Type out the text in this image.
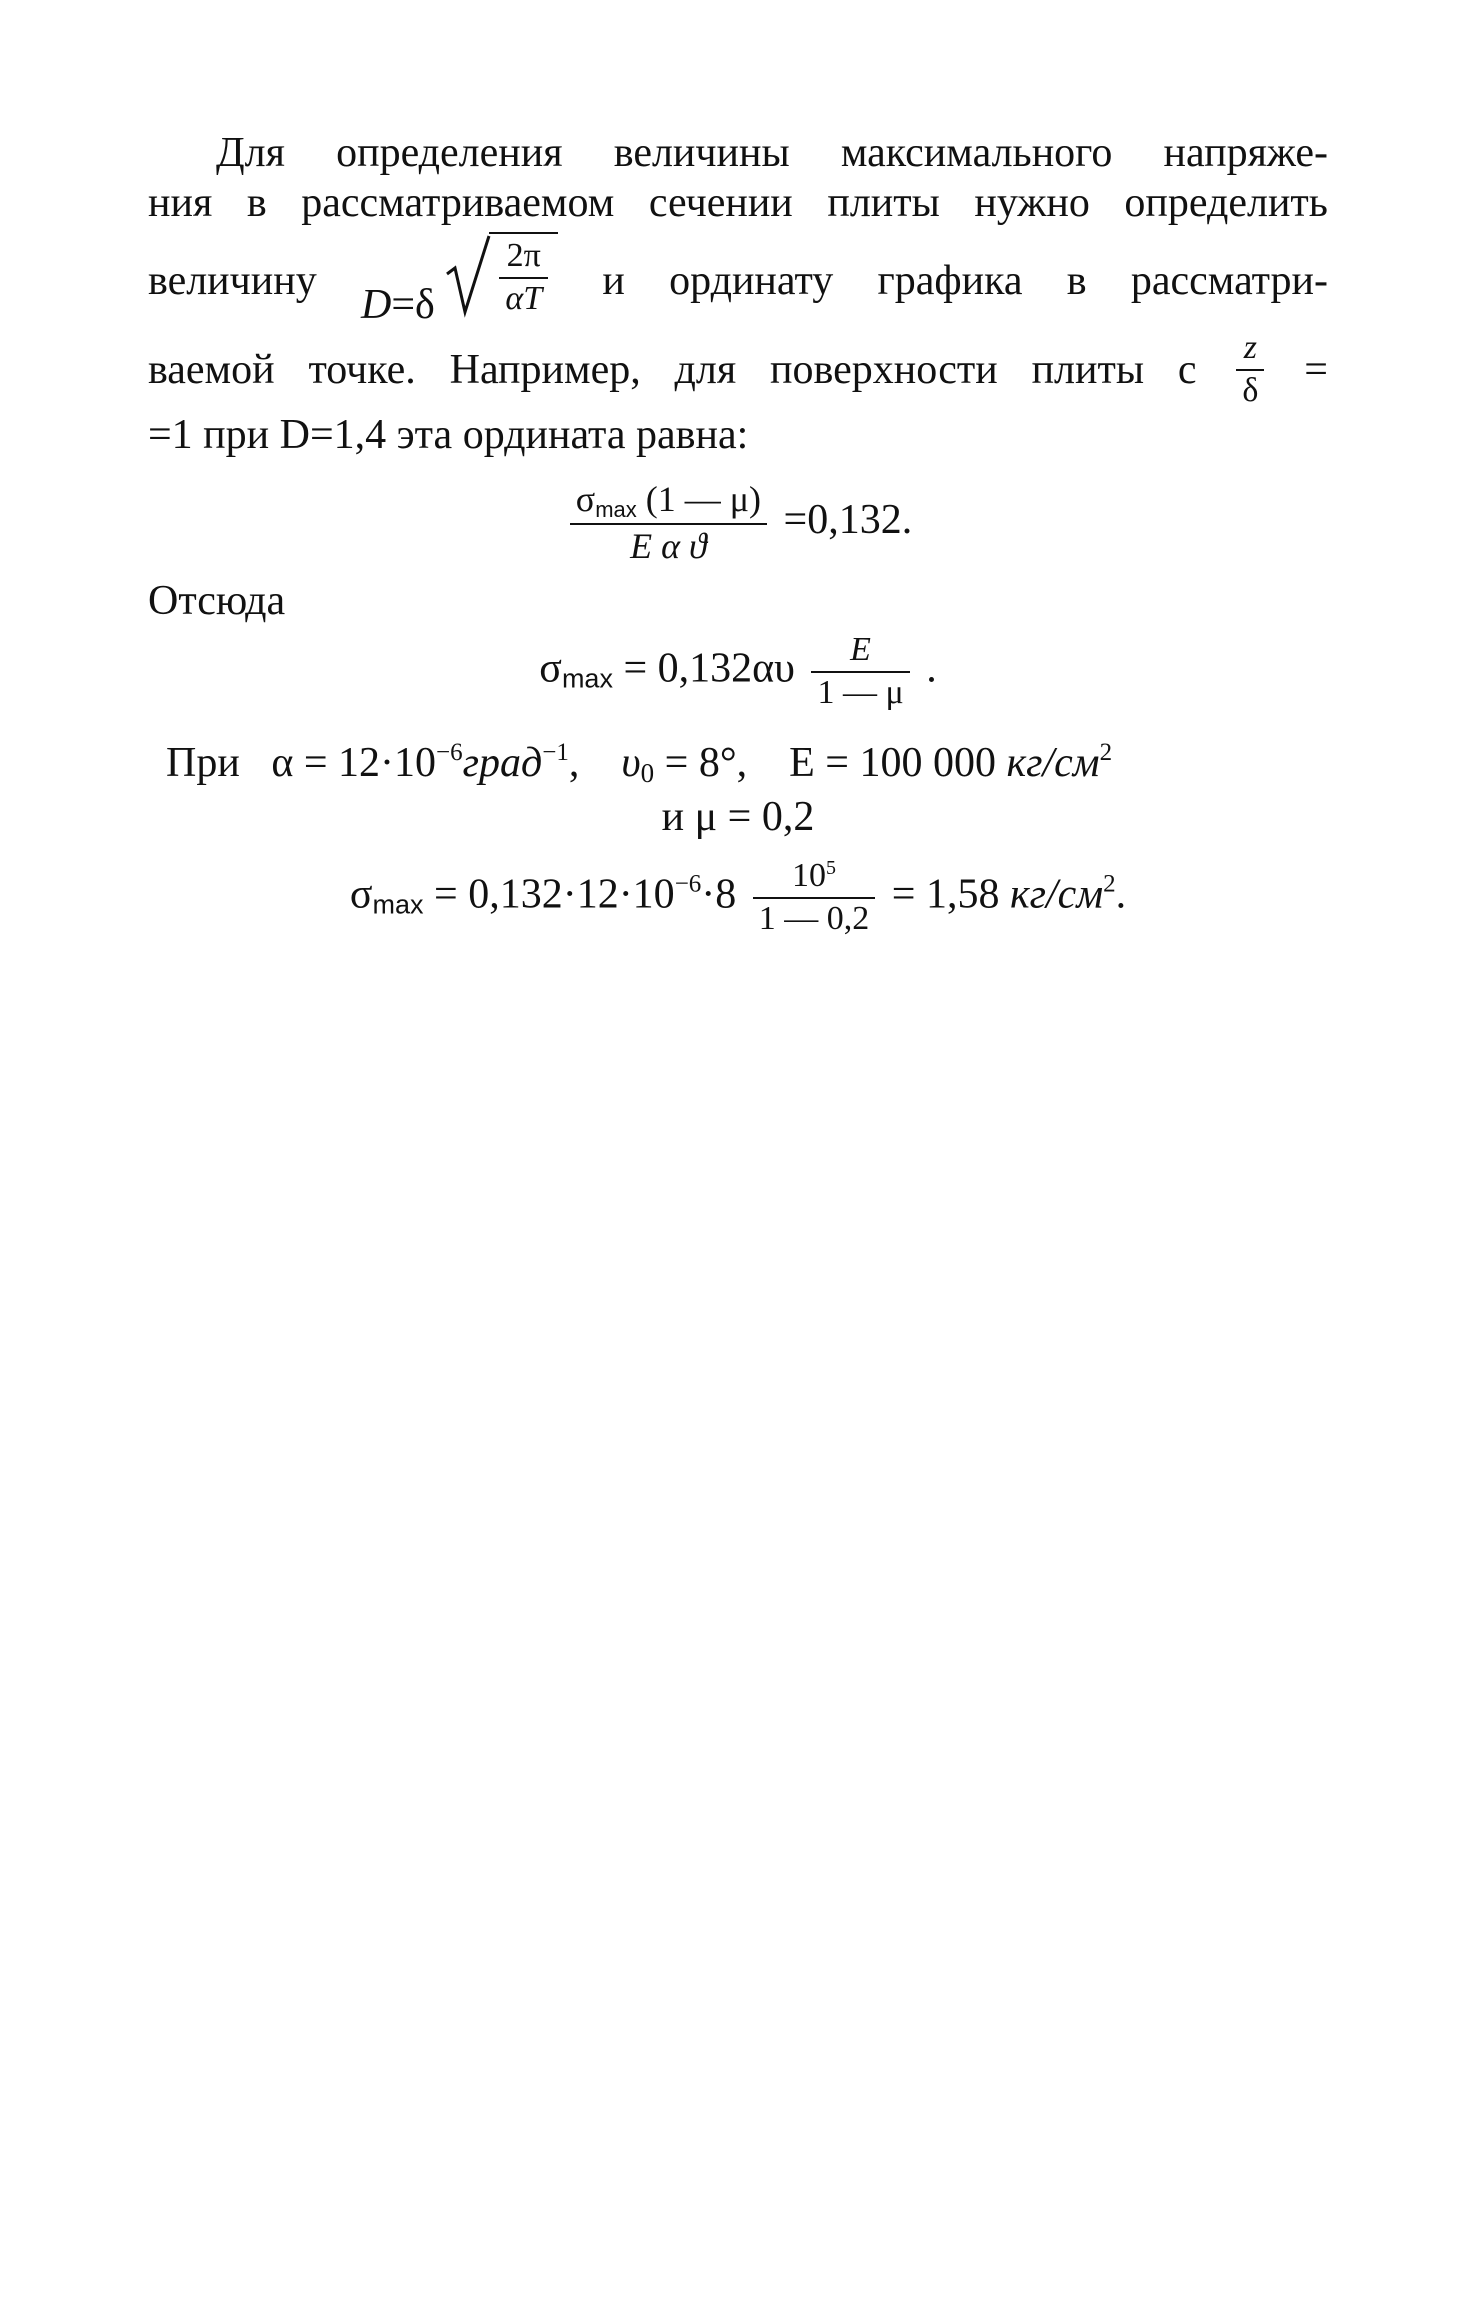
Для определения величины максимального напряже-
ния в рассматриваемом сечении плиты нужно определить
величину
$D=\delta \frac{2\pi}{\alpha T}$ и ординату графика в рассматри-
ваемой точке. Например, для поверхности плиты с $\frac{z}{\delta}$ =
=1 при D=1,4 эта ордината равна:
$\frac{\sigma_{max} (1 — \mu)}{\text{E α ϑ}} =0,132$.
Отсюда
$\sigma_{max} = 0,132\alpha\upsilon \frac{E}{1 — \mu}$ .
При $\alpha = 12\cdot 10^{-6}град^{-1}$, $\upsilon_0 = 8^\circ$, E = 100 000 $кг/см^2$
и μ = 0,2
$\sigma_{max} = 0,132\cdot 12\cdot 10^{-6}\cdot 8 \frac{10^5}{1 — 0,2} = 1,58$ $кг/см^2$.
